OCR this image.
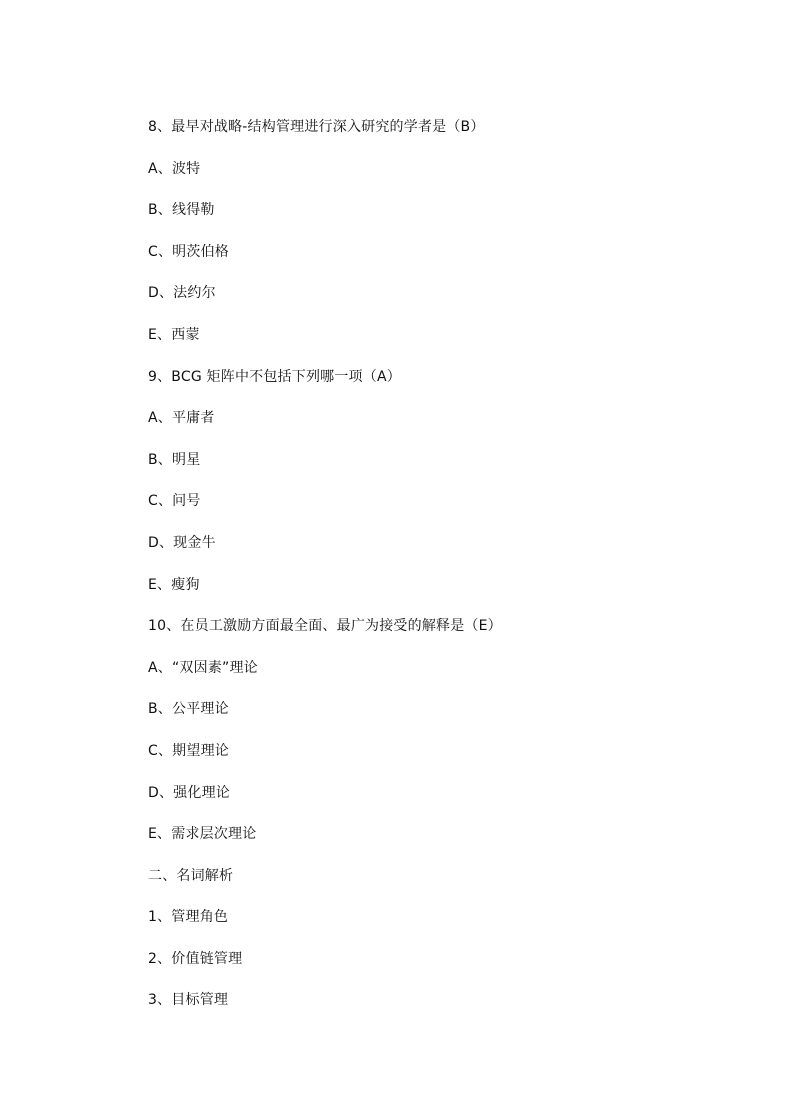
8、最早对战略-结构管理进行深入研究的学者是（B）
A、波特
B、线得勒
C、明茨伯格
D、法约尔
E、西蒙
9、BCG 矩阵中不包括下列哪一项（A）
A、平庸者
B、明星
C、问号
D、现金牛
E、瘦狗
10、在员工激励方面最全面、最广为接受的解释是（E）
A、“双因素”理论
B、公平理论
C、期望理论
D、强化理论
E、需求层次理论
二、名词解析
1、管理角色
2、价值链管理
3、目标管理
